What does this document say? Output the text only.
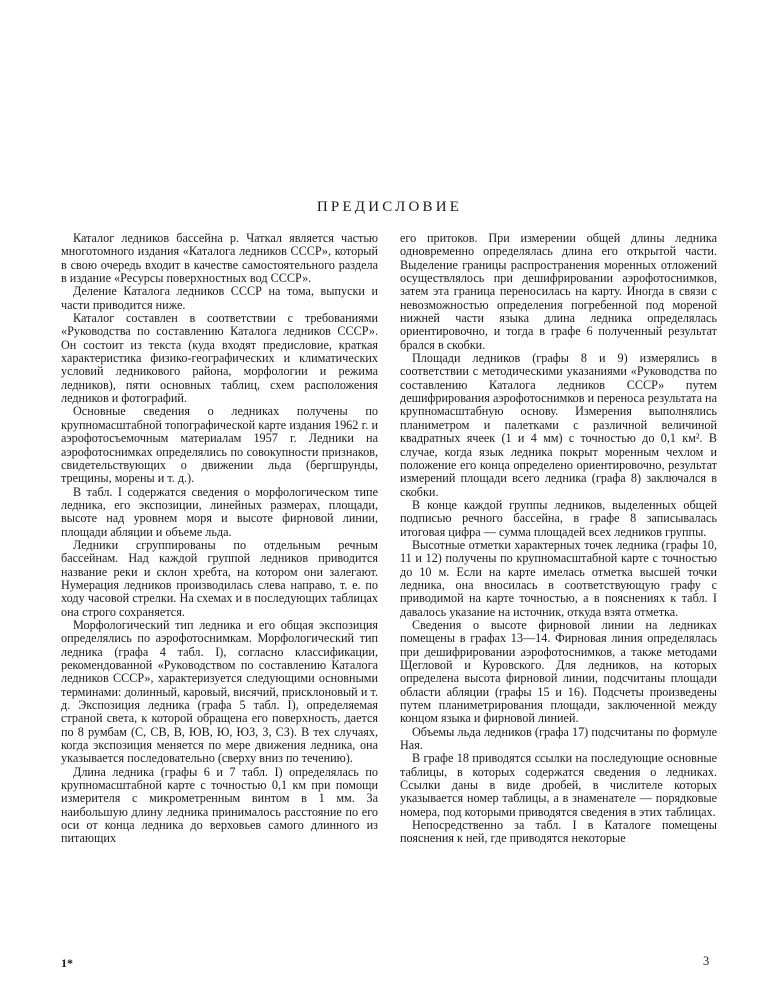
ПРЕДИСЛОВИЕ

Каталог ледников бассейна р. Чаткал является частью многотомного издания «Каталога ледников СССР», который в свою очередь входит в качестве самостоятельного раздела в издание «Ресурсы поверхностных вод СССР».

Деление Каталога ледников СССР на тома, выпуски и части приводится ниже.

Каталог составлен в соответствии с требованиями «Руководства по составлению Каталога ледников СССР». Он состоит из текста (куда входят предисловие, краткая характеристика физико-географических и климатических условий ледникового района, морфологии и режима ледников), пяти основных таблиц, схем расположения ледников и фотографий.

Основные сведения о ледниках получены по крупномасштабной топографической карте издания 1962 г. и аэрофотосъемочным материалам 1957 г. Ледники на аэрофотоснимках определялись по совокупности признаков, свидетельствующих о движении льда (бергшрунды, трещины, морены и т. д.).

В табл. I содержатся сведения о морфологическом типе ледника, его экспозиции, линейных размерах, площади, высоте над уровнем моря и высоте фирновой линии, площади абляции и объеме льда.

Ледники сгруппированы по отдельным речным бассейнам. Над каждой группой ледников приводится название реки и склон хребта, на котором они залегают. Нумерация ледников производилась слева направо, т. е. по ходу часовой стрелки. На схемах и в последующих таблицах она строго сохраняется.

Морфологический тип ледника и его общая экспозиция определялись по аэрофотоснимкам. Морфологический тип ледника (графа 4 табл. I), согласно классификации, рекомендованной «Руководством по составлению Каталога ледников СССР», характеризуется следующими основными терминами: долинный, каровый, висячий, присклоновый и т. д. Экспозиция ледника (графа 5 табл. I), определяемая страной света, к которой обращена его поверхность, дается по 8 румбам (С, СВ, В, ЮВ, Ю, ЮЗ, З, СЗ). В тех случаях, когда экспозиция меняется по мере движения ледника, она указывается последовательно (сверху вниз по течению).

Длина ледника (графы 6 и 7 табл. I) определялась по крупномасштабной карте с точностью 0,1 км при помощи измерителя с микрометренным винтом в 1 мм. За наибольшую длину ледника принималось расстояние по его оси от конца ледника до верховьев самого длинного из питающих

его притоков. При измерении общей длины ледника одновременно определялась длина его открытой части. Выделение границы распространения моренных отложений осуществлялось при дешифрировании аэрофотоснимков, затем эта граница переносилась на карту. Иногда в связи с невозможностью определения погребенной под мореной нижней части языка длина ледника определялась ориентировочно, и тогда в графе 6 полученный результат брался в скобки.

Площади ледников (графы 8 и 9) измерялись в соответствии с методическими указаниями «Руководства по составлению Каталога ледников СССР» путем дешифрирования аэрофотоснимков и переноса результата на крупномасштабную основу. Измерения выполнялись планиметром и палетками с различной величиной квадратных ячеек (1 и 4 мм) с точностью до 0,1 км². В случае, когда язык ледника покрыт моренным чехлом и положение его конца определено ориентировочно, результат измерений площади всего ледника (графа 8) заключался в скобки.

В конце каждой группы ледников, выделенных общей подписью речного бассейна, в графе 8 записывалась итоговая цифра — сумма площадей всех ледников группы.

Высотные отметки характерных точек ледника (графы 10, 11 и 12) получены по крупномасштабной карте с точностью до 10 м. Если на карте имелась отметка высшей точки ледника, она вносилась в соответствующую графу с приводимой на карте точностью, а в пояснениях к табл. I давалось указание на источник, откуда взята отметка.

Сведения о высоте фирновой линии на ледниках помещены в графах 13—14. Фирновая линия определялась при дешифрировании аэрофотоснимков, а также методами Щегловой и Куровского. Для ледников, на которых определена высота фирновой линии, подсчитаны площади области абляции (графы 15 и 16). Подсчеты произведены путем планиметрирования площади, заключенной между концом языка и фирновой линией.

Объемы льда ледников (графа 17) подсчитаны по формуле Ная.

В графе 18 приводятся ссылки на последующие основные таблицы, в которых содержатся сведения о ледниках. Ссылки даны в виде дробей, в числителе которых указывается номер таблицы, а в знаменателе — порядковые номера, под которыми приводятся сведения в этих таблицах.

Непосредственно за табл. I в Каталоге помещены пояснения к ней, где приводятся некоторые

1*	3
